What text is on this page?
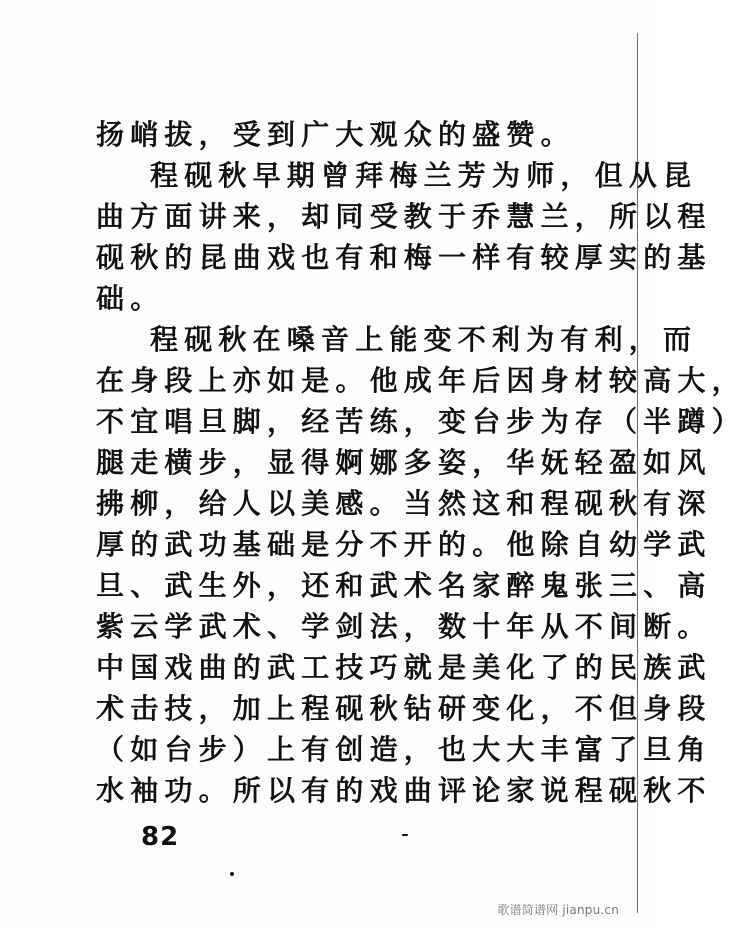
扬峭拔，受到广大观众的盛赞。
程砚秋早期曾拜梅兰芳为师，但从昆
曲方面讲来，却同受教于乔慧兰，所以程
砚秋的昆曲戏也有和梅一样有较厚实的基
础。
程砚秋在嗓音上能变不利为有利，而
在身段上亦如是。他成年后因身材较高大，
不宜唱旦脚，经苦练，变台步为存（半蹲）
腿走横步，显得婀娜多姿，华妩轻盈如风
拂柳，给人以美感。当然这和程砚秋有深
厚的武功基础是分不开的。他除自幼学武
旦、武生外，还和武术名家醉鬼张三、高
紫云学武术、学剑法，数十年从不间断。
中国戏曲的武工技巧就是美化了的民族武
术击技，加上程砚秋钻研变化，不但身段
（如台步）上有创造，也大大丰富了旦角
水袖功。所以有的戏曲评论家说程砚秋不
82
歌谱简谱网 jianpu.cn
